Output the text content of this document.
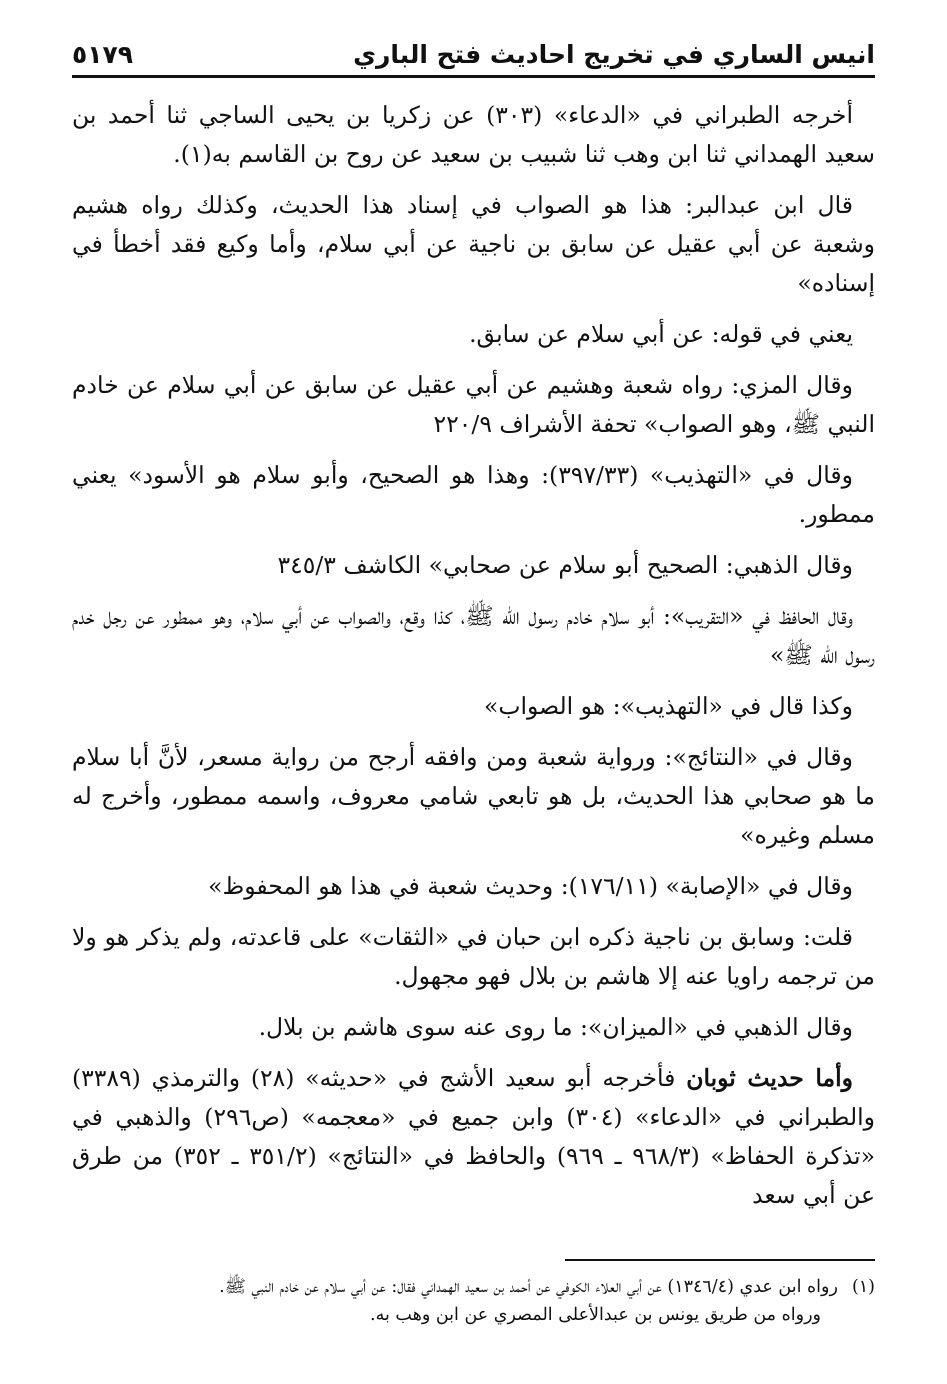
انيس الساري في تخريج احاديث فتح الباري
٥١٧٩

أخرجه الطبراني في «الدعاء» (٣٠٣) عن زكريا بن يحيى الساجي ثنا أحمد بن سعيد الهمداني ثنا ابن وهب ثنا شبيب بن سعيد عن روح بن القاسم به(١).

قال ابن عبدالبر: هذا هو الصواب في إسناد هذا الحديث، وكذلك رواه هشيم وشعبة عن أبي عقيل عن سابق بن ناجية عن أبي سلام، وأما وكيع فقد أخطأ في إسناده»

يعني في قوله: عن أبي سلام عن سابق.

وقال المزي: رواه شعبة وهشيم عن أبي عقيل عن سابق عن أبي سلام عن خادم النبي ﷺ، وهو الصواب» تحفة الأشراف ٢٢٠/٩

وقال في «التهذيب» (٣٩٧/٣٣): وهذا هو الصحيح، وأبو سلام هو الأسود» يعني ممطور.

وقال الذهبي: الصحيح أبو سلام عن صحابي» الكاشف ٣٤٥/٣

وقال الحافظ في «التقريب»: أبو سلام خادم رسول الله ﷺ، كذا وقع، والصواب عن أبي سلام، وهو ممطور عن رجل خدم رسول الله ﷺ»

وكذا قال في «التهذيب»: هو الصواب»

وقال في «النتائج»: ورواية شعبة ومن وافقه أرجح من رواية مسعر، لأنَّ أبا سلام ما هو صحابي هذا الحديث، بل هو تابعي شامي معروف، واسمه ممطور، وأخرج له مسلم وغيره»

وقال في «الإصابة» (١٧٦/١١): وحديث شعبة في هذا هو المحفوظ»

قلت: وسابق بن ناجية ذكره ابن حبان في «الثقات» على قاعدته، ولم يذكر هو ولا من ترجمه راويا عنه إلا هاشم بن بلال فهو مجهول.

وقال الذهبي في «الميزان»: ما روى عنه سوى هاشم بن بلال.

وأما حديث ثوبان فأخرجه أبو سعيد الأشج في «حديثه» (٢٨) والترمذي (٣٣٨٩) والطبراني في «الدعاء» (٣٠٤) وابن جميع في «معجمه» (ص٢٩٦) والذهبي في «تذكرة الحفاظ» (٩٦٨/٣ ـ ٩٦٩) والحافظ في «النتائج» (٣٥١/٢ ـ ٣٥٢) من طرق عن أبي سعد

(١)
رواه ابن عدي (١٣٤٦/٤) عن أبي العلاء الكوفي عن أحمد بن سعيد الهمداني فقال: عن أبي سلام عن خادم النبي ﷺ.
ورواه من طريق يونس بن عبدالأعلى المصري عن ابن وهب به.
